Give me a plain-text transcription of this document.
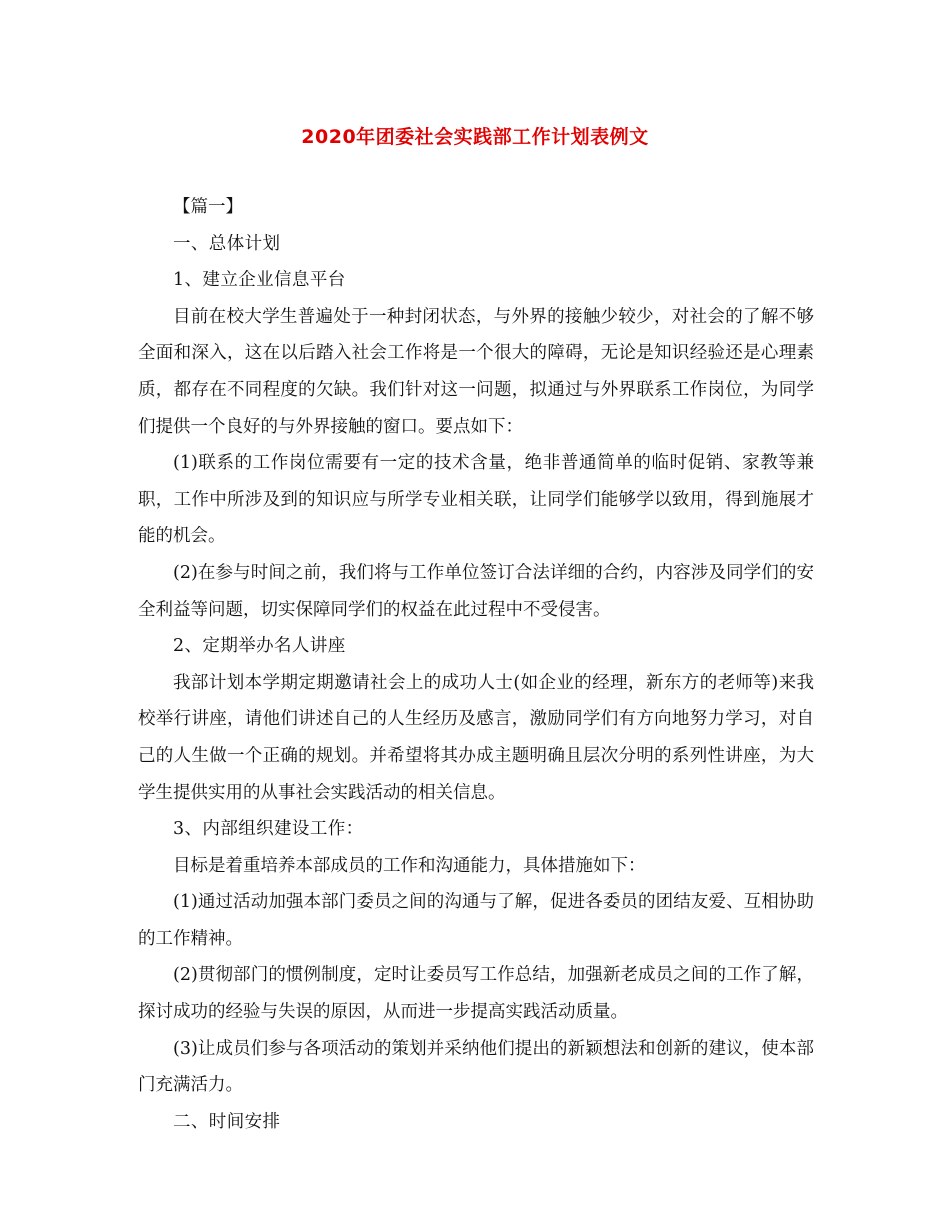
2020年团委社会实践部工作计划表例文

【篇一】

一、总体计划

1、建立企业信息平台

目前在校大学生普遍处于一种封闭状态，与外界的接触少较少，对社会的了解不够全面和深入，这在以后踏入社会工作将是一个很大的障碍，无论是知识经验还是心理素质，都存在不同程度的欠缺。我们针对这一问题，拟通过与外界联系工作岗位，为同学们提供一个良好的与外界接触的窗口。要点如下：

(1)联系的工作岗位需要有一定的技术含量，绝非普通简单的临时促销、家教等兼职，工作中所涉及到的知识应与所学专业相关联，让同学们能够学以致用，得到施展才能的机会。

(2)在参与时间之前，我们将与工作单位签订合法详细的合约，内容涉及同学们的安全利益等问题，切实保障同学们的权益在此过程中不受侵害。

2、定期举办名人讲座

我部计划本学期定期邀请社会上的成功人士(如企业的经理，新东方的老师等)来我校举行讲座，请他们讲述自己的人生经历及感言，激励同学们有方向地努力学习，对自己的人生做一个正确的规划。并希望将其办成主题明确且层次分明的系列性讲座，为大学生提供实用的从事社会实践活动的相关信息。

3、内部组织建设工作：

目标是着重培养本部成员的工作和沟通能力，具体措施如下：

(1)通过活动加强本部门委员之间的沟通与了解，促进各委员的团结友爱、互相协助的工作精神。

(2)贯彻部门的惯例制度，定时让委员写工作总结，加强新老成员之间的工作了解，探讨成功的经验与失误的原因，从而进一步提高实践活动质量。

(3)让成员们参与各项活动的策划并采纳他们提出的新颖想法和创新的建议，使本部门充满活力。

二、时间安排
